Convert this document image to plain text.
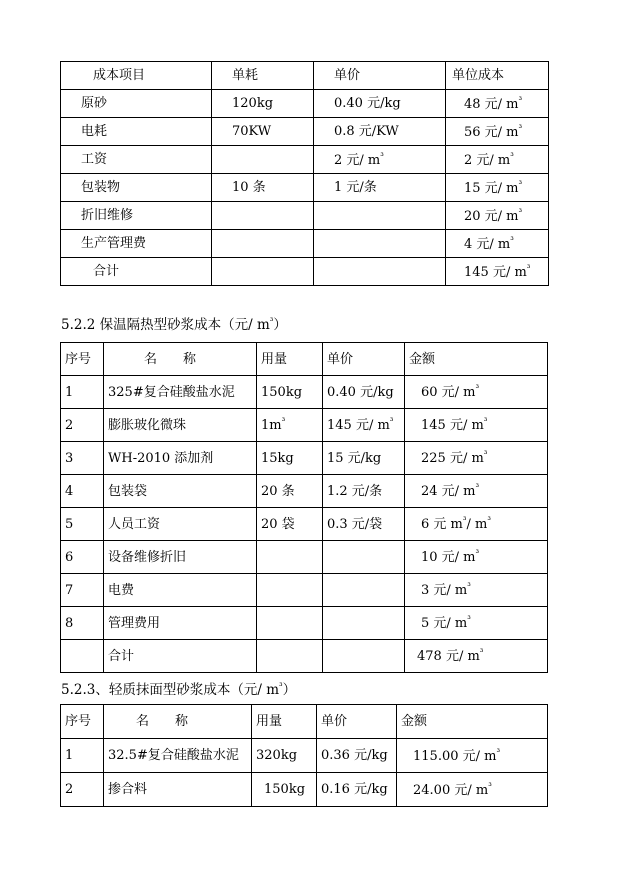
成本项目	单耗	单价	单位成本
原砂	120kg	0.40 元/kg	48 元/ $m^{^3}$
电耗	70KW	0.8 元/KW	56 元/ $m^{^3}$
工资		2 元/ $m^{^3}$	2 元/ $m^{^3}$
包装物	10 条	1 元/条	15 元/ $m^{^3}$
折旧维修			20 元/ $m^{^3}$
生产管理费			4 元/ $m^{^3}$
合计			145 元/ $m^{^3}$
5.2.2 保温隔热型砂浆成本（元/ $m^{^3}$）
序号	名　　称	用量	单价	金额
1	325#复合硅酸盐水泥	150kg	0.40 元/kg	60 元/ $m^{^3}$
2	膨胀玻化微珠	$1m^{^3}$	145 元/ $m^{^3}$	145 元/ $m^{^3}$
3	WH-2010 添加剂	15kg	15 元/kg	225 元/ $m^{^3}$
4	包装袋	20 条	1.2 元/条	24 元/ $m^{^3}$
5	人员工资	20 袋	0.3 元/袋	6 元 $m^{^3}/$ $m^{^3}$
6	设备维修折旧			10 元/ $m^{^3}$
7	电费			3 元/ $m^{^3}$
8	管理费用			5 元/ $m^{^3}$
	合计			478 元/ $m^{^3}$
5.2.3、轻质抹面型砂浆成本（元/ $m^{^3}$）
序号	名　　称	用量	单价	金额
1	32.5#复合硅酸盐水泥	320kg	0.36 元/kg	115.00 元/ $m^{^3}$
2	掺合料	150kg	0.16 元/kg	24.00 元/ $m^{^3}$
